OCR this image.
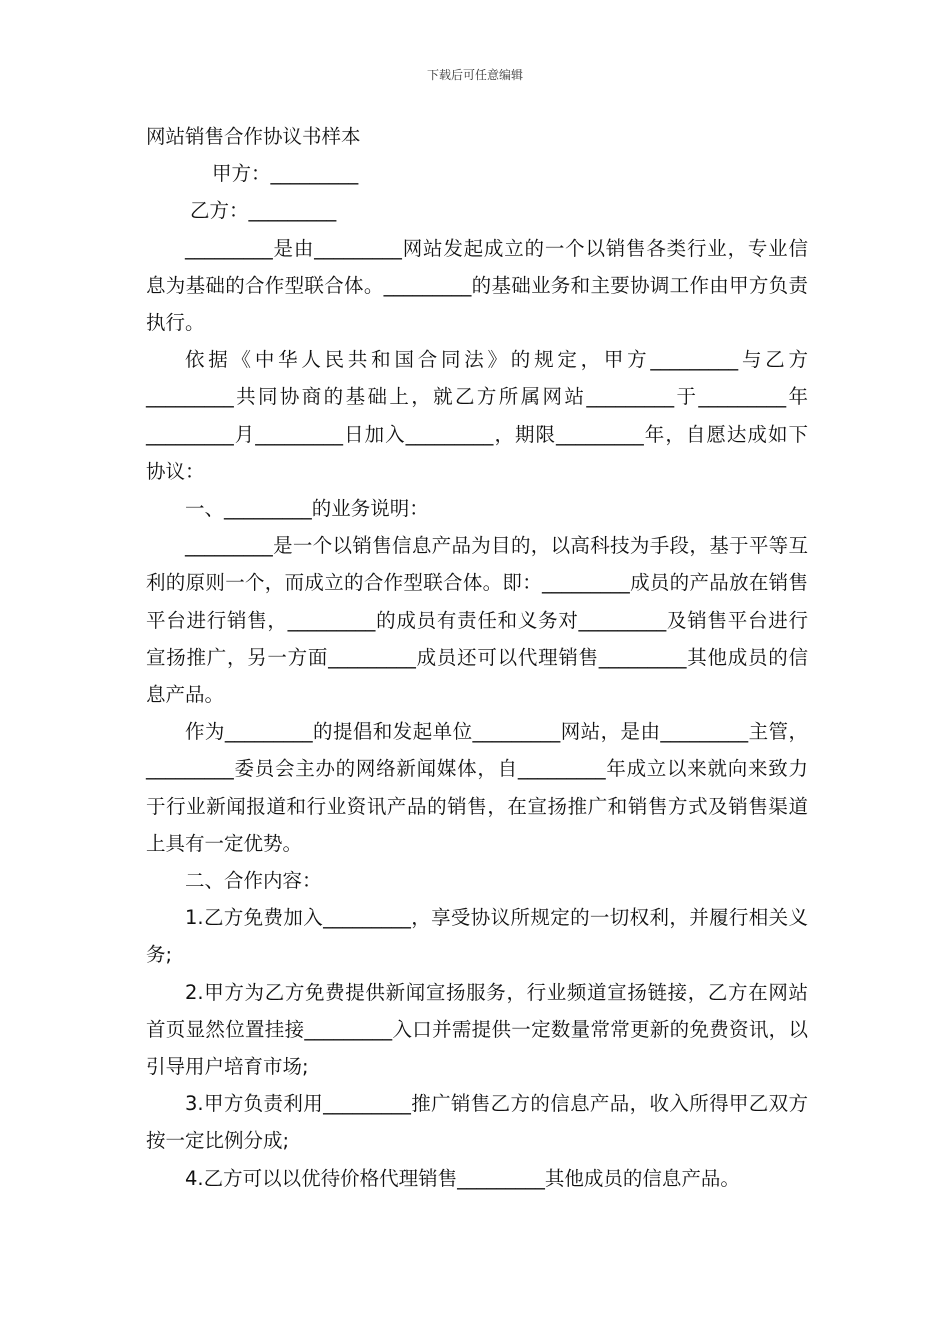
下载后可任意编辑

网站销售合作协议书样本

甲方：_________

乙方：_________

_________是由_________网站发起成立的一个以销售各类行业，专业信息为基础的合作型联合体。_________的基础业务和主要协调工作由甲方负责执行。

依据《中华人民共和国合同法》的规定，甲方_________与乙方_________共同协商的基础上，就乙方所属网站_________于_________年_________月_________日加入_________，期限_________年，自愿达成如下协议：

一、_________的业务说明：

_________是一个以销售信息产品为目的，以高科技为手段，基于平等互利的原则一个，而成立的合作型联合体。即：_________成员的产品放在销售平台进行销售，_________的成员有责任和义务对_________及销售平台进行宣扬推广，另一方面_________成员还可以代理销售_________其他成员的信息产品。

作为_________的提倡和发起单位_________网站，是由_________主管，_________委员会主办的网络新闻媒体，自_________年成立以来就向来致力于行业新闻报道和行业资讯产品的销售，在宣扬推广和销售方式及销售渠道上具有一定优势。

二、合作内容：

1.乙方免费加入_________，享受协议所规定的一切权利，并履行相关义务;

2.甲方为乙方免费提供新闻宣扬服务，行业频道宣扬链接，乙方在网站首页显然位置挂接_________入口并需提供一定数量常常更新的免费资讯，以引导用户培育市场;

3.甲方负责利用_________推广销售乙方的信息产品，收入所得甲乙双方按一定比例分成;

4.乙方可以以优待价格代理销售_________其他成员的信息产品。
